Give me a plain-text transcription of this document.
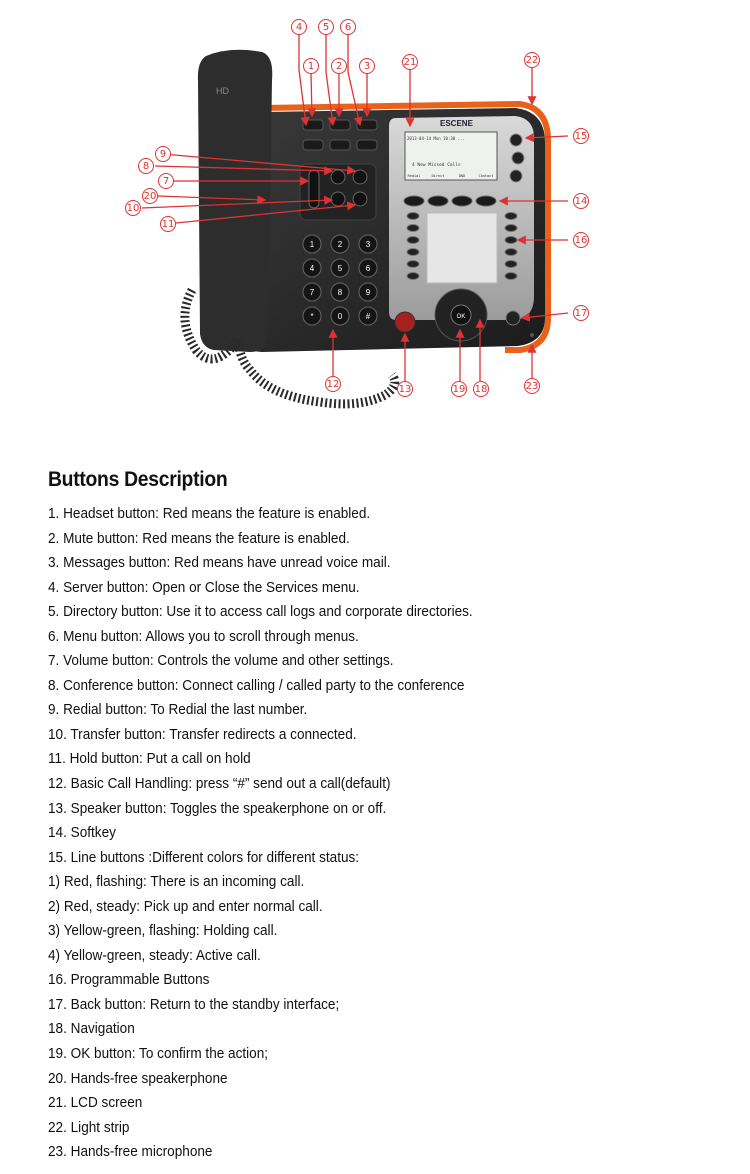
1	2	3
4	5	6
7	8	9
*	0	#
ESCENE
2013-04-14 Mon 10:30 ...
4 New Missed Calls
Redial	Direct	DND	Contact
OK
HD
1 2 3
4 5 6
7
8
9
10
11
12	13
14
15
16
17
18
19
20
21	22
23
Buttons Description
1. Headset button: Red means the feature is enabled.
2. Mute button: Red means the feature is enabled.
3. Messages button: Red means have unread voice mail.
4. Server button: Open or Close the Services menu.
5. Directory button: Use it to access call logs and corporate directories.
6. Menu button: Allows you to scroll through menus.
7. Volume button: Controls the volume and other settings.
8. Conference button: Connect calling / called party to the conference
9. Redial button: To Redial the last number.
10. Transfer button: Transfer redirects a connected.
11. Hold button: Put a call on hold
12. Basic Call Handling: press “#” send out a call(default)
13. Speaker button: Toggles the speakerphone on or off.
14. Softkey
15. Line buttons :Different colors for different status:
1) Red, flashing: There is an incoming call.
2) Red, steady: Pick up and enter normal call.
3) Yellow-green, flashing: Holding call.
4) Yellow-green, steady: Active call.
16. Programmable Buttons
17. Back button: Return to the standby interface;
18. Navigation
19. OK button: To confirm the action;
20. Hands-free speakerphone
21. LCD screen
22. Light strip
23. Hands-free microphone
